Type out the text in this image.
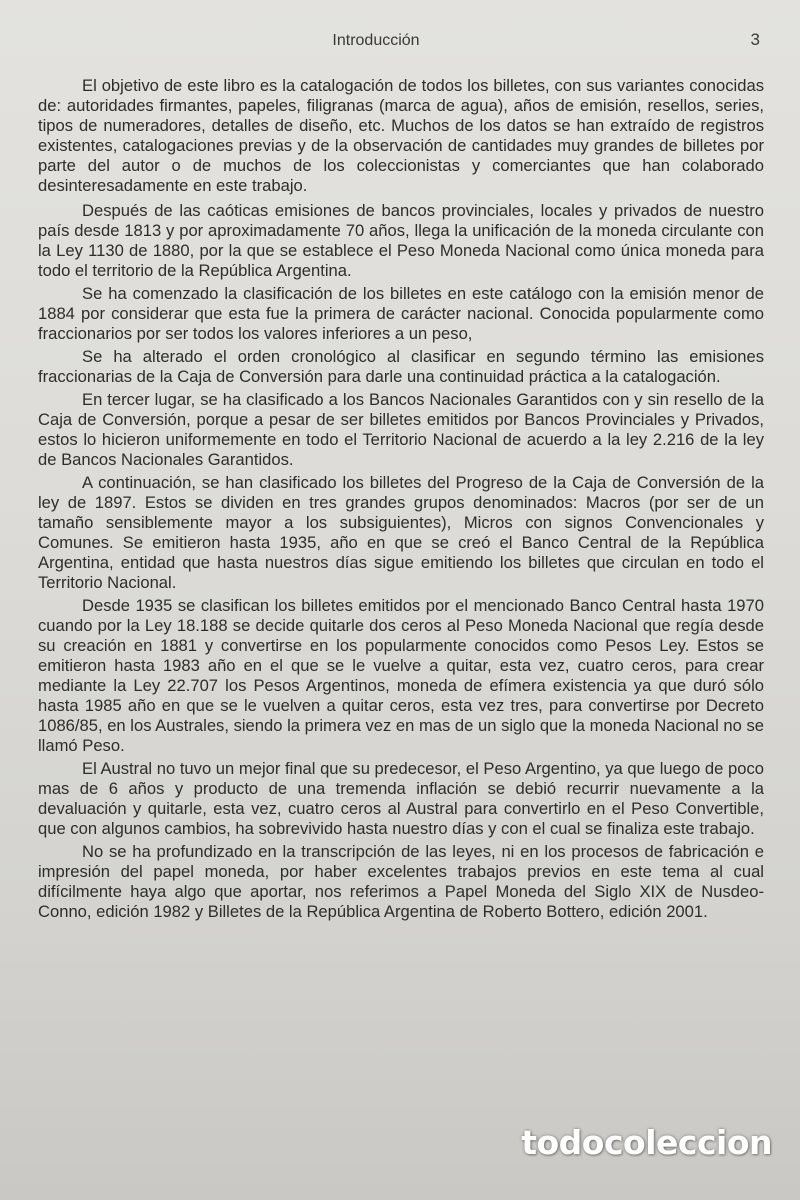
Introducción	3

El objetivo de este libro es la catalogación de todos los billetes, con sus variantes conocidas de: autoridades firmantes, papeles, filigranas (marca de agua), años de emisión, resellos, series, tipos de numeradores, detalles de diseño, etc. Muchos de los datos se han extraído de registros existentes, catalogaciones previas y de la observación de cantidades muy grandes de billetes por parte del autor o de muchos de los coleccionistas y comerciantes que han colaborado desinteresadamente en este trabajo.

Después de las caóticas emisiones de bancos provinciales, locales y privados de nuestro país desde 1813 y por aproximadamente 70 años, llega la unificación de la moneda circulante con la Ley 1130 de 1880, por la que se establece el Peso Moneda Nacional como única moneda para todo el territorio de la República Argentina.

Se ha comenzado la clasificación de los billetes en este catálogo con la emisión menor de 1884 por considerar que esta fue la primera de carácter nacional. Conocida popularmente como fraccionarios por ser todos los valores inferiores a un peso,

Se ha alterado el orden cronológico al clasificar en segundo término las emisiones fraccionarias de la Caja de Conversión para darle una continuidad práctica a la catalogación.

En tercer lugar, se ha clasificado a los Bancos Nacionales Garantidos con y sin resello de la Caja de Conversión, porque a pesar de ser billetes emitidos por Bancos Provinciales y Privados, estos lo hicieron uniformemente en todo el Territorio Nacional de acuerdo a la ley 2.216 de la ley de Bancos Nacionales Garantidos.

A continuación, se han clasificado los billetes del Progreso de la Caja de Conversión de la ley de 1897. Estos se dividen en tres grandes grupos denominados: Macros (por ser de un tamaño sensiblemente mayor a los subsiguientes), Micros con signos Convencionales y Comunes. Se emitieron hasta 1935, año en que se creó el Banco Central de la República Argentina, entidad que hasta nuestros días sigue emitiendo los billetes que circulan en todo el Territorio Nacional.

Desde 1935 se clasifican los billetes emitidos por el mencionado Banco Central hasta 1970 cuando por la Ley 18.188 se decide quitarle dos ceros al Peso Moneda Nacional que regía desde su creación en 1881 y convertirse en los popularmente conocidos como Pesos Ley. Estos se emitieron hasta 1983 año en el que se le vuelve a quitar, esta vez, cuatro ceros, para crear mediante la Ley 22.707 los Pesos Argentinos, moneda de efímera existencia ya que duró sólo hasta 1985 año en que se le vuelven a quitar ceros, esta vez tres, para convertirse por Decreto 1086/85, en los Australes, siendo la primera vez en mas de un siglo que la moneda Nacional no se llamó Peso.

El Austral no tuvo un mejor final que su predecesor, el Peso Argentino, ya que luego de poco mas de 6 años y producto de una tremenda inflación se debió recurrir nuevamente a la devaluación y quitarle, esta vez, cuatro ceros al Austral para convertirlo en el Peso Convertible, que con algunos cambios, ha sobrevivido hasta nuestro días y con el cual se finaliza este trabajo.

No se ha profundizado en la transcripción de las leyes, ni en los procesos de fabricación e impresión del papel moneda, por haber excelentes trabajos previos en este tema al cual difícilmente haya algo que aportar, nos referimos a Papel Moneda del Siglo XIX de Nusdeo-Conno, edición 1982 y Billetes de la República Argentina de Roberto Bottero, edición 2001.

todocoleccion
